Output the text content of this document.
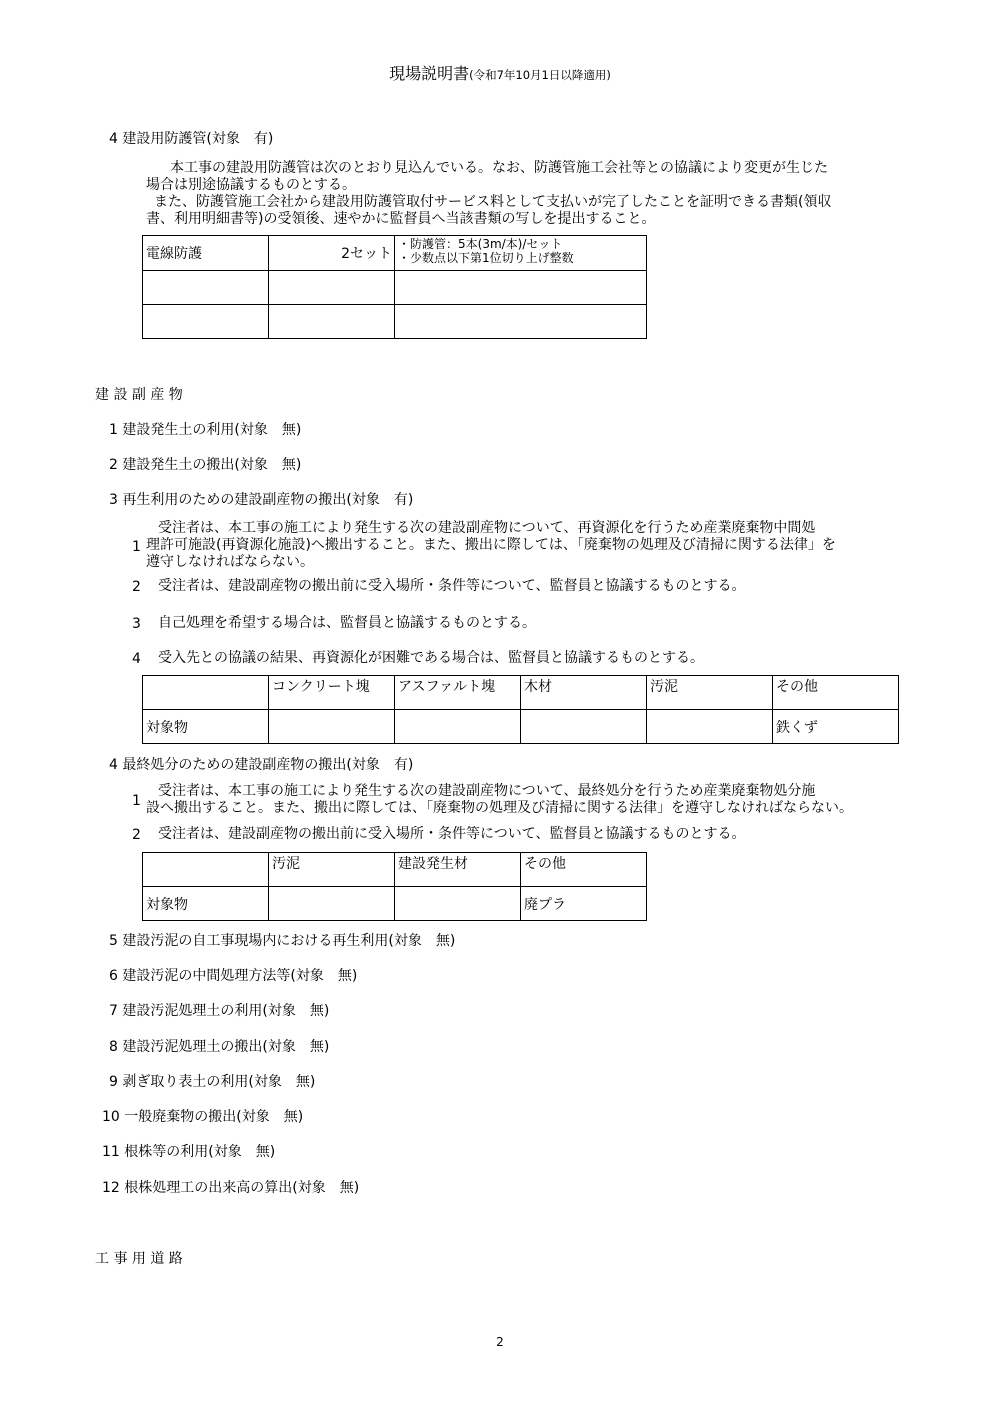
現場説明書(令和7年10月1日以降適用)
4 建設用防護管(対象　有)
本工事の建設用防護管は次のとおり見込んでいる。なお、防護管施工会社等との協議により変更が生じた
場合は別途協議するものとする。
また、防護管施工会社から建設用防護管取付サービス料として支払いが完了したことを証明できる書類(領収
書、利用明細書等)の受領後、速やかに監督員へ当該書類の写しを提出すること。
電線防護	2セット	・防護管：5本(3m/本)/セット
・少数点以下第1位切り上げ整数

建 設 副 産 物
1 建設発生土の利用(対象　無)
2 建設発生土の搬出(対象　無)
3 再生利用のための建設副産物の搬出(対象　有)
1
受注者は、本工事の施工により発生する次の建設副産物について、再資源化を行うため産業廃棄物中間処
理許可施設(再資源化施設)へ搬出すること。また、搬出に際しては、「廃棄物の処理及び清掃に関する法律」を
遵守しなければならない。
2 受注者は、建設副産物の搬出前に受入場所・条件等について、監督員と協議するものとする。
3 自己処理を希望する場合は、監督員と協議するものとする。
4 受入先との協議の結果、再資源化が困難である場合は、監督員と協議するものとする。
	コンクリート塊	アスファルト塊	木材	汚泥	その他
対象物					鉄くず
4 最終処分のための建設副産物の搬出(対象　有)
1
受注者は、本工事の施工により発生する次の建設副産物について、最終処分を行うため産業廃棄物処分施
設へ搬出すること。また、搬出に際しては、「廃棄物の処理及び清掃に関する法律」を遵守しなければならない。
2 受注者は、建設副産物の搬出前に受入場所・条件等について、監督員と協議するものとする。
	汚泥	建設発生材	その他
対象物			廃プラ
5 建設汚泥の自工事現場内における再生利用(対象　無)
6 建設汚泥の中間処理方法等(対象　無)
7 建設汚泥処理土の利用(対象　無)
8 建設汚泥処理土の搬出(対象　無)
9 剥ぎ取り表土の利用(対象　無)
10 一般廃棄物の搬出(対象　無)
11 根株等の利用(対象　無)
12 根株処理工の出来高の算出(対象　無)
工 事 用 道 路
2
